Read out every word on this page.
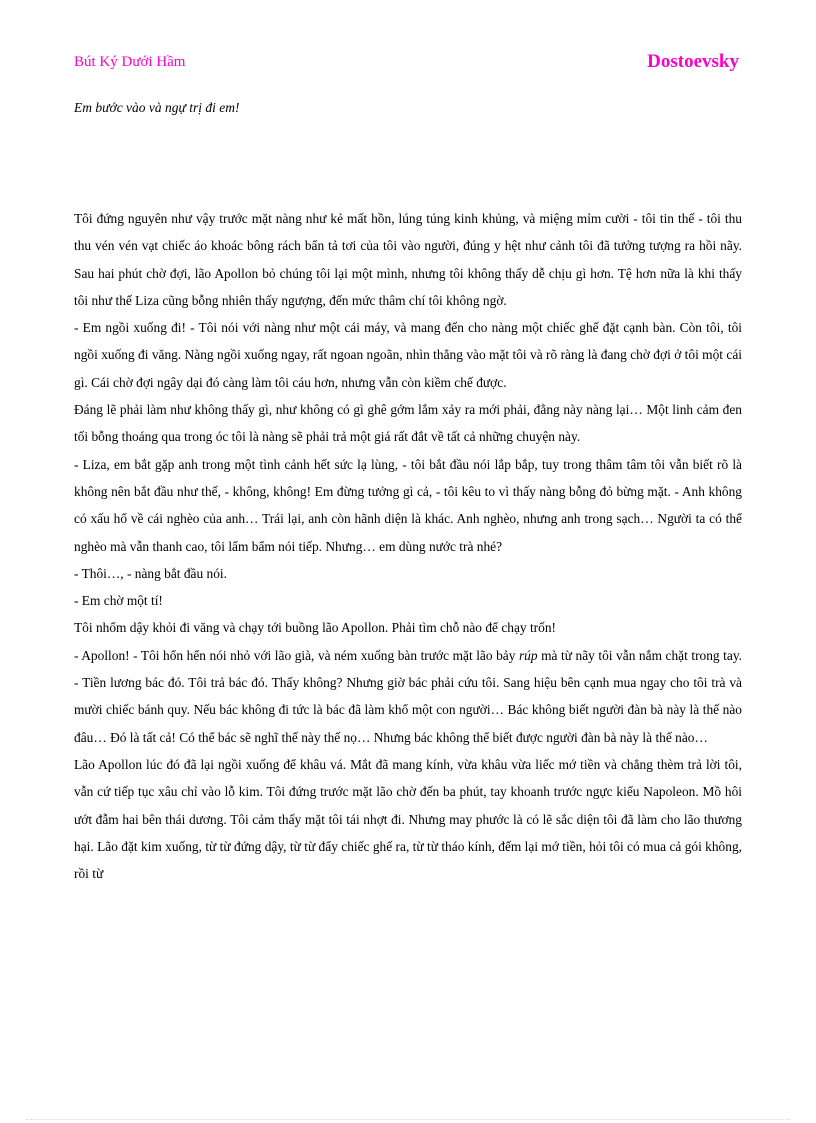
Bút Ký Dưới Hầm	Dostoevsky
Em bước vào và ngự trị đi em!

Tôi đứng nguyên như vậy trước mặt nàng như kẻ mất hồn, lúng túng kinh khủng, và miệng mỉm cười - tôi tin thế - tôi thu thu vén vén vạt chiếc áo khoác bông rách bẩn tả tơi của tôi vào người, đúng y hệt như cảnh tôi đã tưởng tượng ra hồi nãy. Sau hai phút chờ đợi, lão Apollon bỏ chúng tôi lại một mình, nhưng tôi không thấy dễ chịu gì hơn. Tệ hơn nữa là khi thấy tôi như thế Liza cũng bỗng nhiên thấy ngượng, đến mức thâm chí tôi không ngờ.

- Em ngồi xuống đi! - Tôi nói với nàng như một cái máy, và mang đến cho nàng một chiếc ghế đặt cạnh bàn. Còn tôi, tôi ngồi xuống đi văng. Nàng ngồi xuống ngay, rất ngoan ngoãn, nhìn thẳng vào mặt tôi và rõ ràng là đang chờ đợi ở tôi một cái gì. Cái chờ đợi ngây dại đó càng làm tôi cáu hơn, nhưng vẫn còn kiềm chế được.

Đáng lẽ phải làm như không thấy gì, như không có gì ghê gớm lắm xảy ra mới phải, đằng này nàng lại… Một linh cảm đen tối bỗng thoáng qua trong óc tôi là nàng sẽ phải trả một giá rất đắt về tất cả những chuyện này.

- Liza, em bắt gặp anh trong một tình cảnh hết sức lạ lùng, - tôi bắt đầu nói lắp bắp, tuy trong thâm tâm tôi vẫn biết rõ là không nên bắt đầu như thế, - không, không! Em đừng tưởng gì cả, - tôi kêu to vì thấy nàng bỗng đỏ bừng mặt. - Anh không có xấu hổ về cái nghèo của anh… Trái lại, anh còn hãnh diện là khác. Anh nghèo, nhưng anh trong sạch… Người ta có thể nghèo mà vẫn thanh cao, tôi lẩm bẩm nói tiếp. Nhưng… em dùng nước trà nhé?

- Thôi…, - nàng bắt đầu nói.

- Em chờ một tí!

Tôi nhổm dậy khỏi đi văng và chạy tới buồng lão Apollon. Phải tìm chỗ nào để chạy trốn!

- Apollon! - Tôi hổn hển nói nhỏ với lão già, và ném xuống bàn trước mặt lão bảy rúp mà từ nãy tôi vẫn nắm chặt trong tay. - Tiền lương bác đó. Tôi trả bác đó. Thấy không? Nhưng giờ bác phải cứu tôi. Sang hiệu bên cạnh mua ngay cho tôi trà và mười chiếc bánh quy. Nếu bác không đi tức là bác đã làm khổ một con người… Bác không biết người đàn bà này là thế nào đâu… Đó là tất cả! Có thể bác sẽ nghĩ thế này thế nọ… Nhưng bác không thể biết được người đàn bà này là thế nào…

Lão Apollon lúc đó đã lại ngồi xuống để khâu vá. Mắt đã mang kính, vừa khâu vừa liếc mớ tiền và chẳng thèm trả lời tôi, vẫn cứ tiếp tục xâu chỉ vào lỗ kim. Tôi đứng trước mặt lão chờ đến ba phút, tay khoanh trước ngực kiểu Napoleon. Mồ hôi ướt đẫm hai bên thái dương. Tôi cảm thấy mặt tôi tái nhợt đi. Nhưng may phước là có lẽ sắc diện tôi đã làm cho lão thương hại. Lão đặt kim xuống, từ từ đứng dậy, từ từ đẩy chiếc ghế ra, từ từ tháo kính, đếm lại mớ tiền, hỏi tôi có mua cả gói không, rồi từ
